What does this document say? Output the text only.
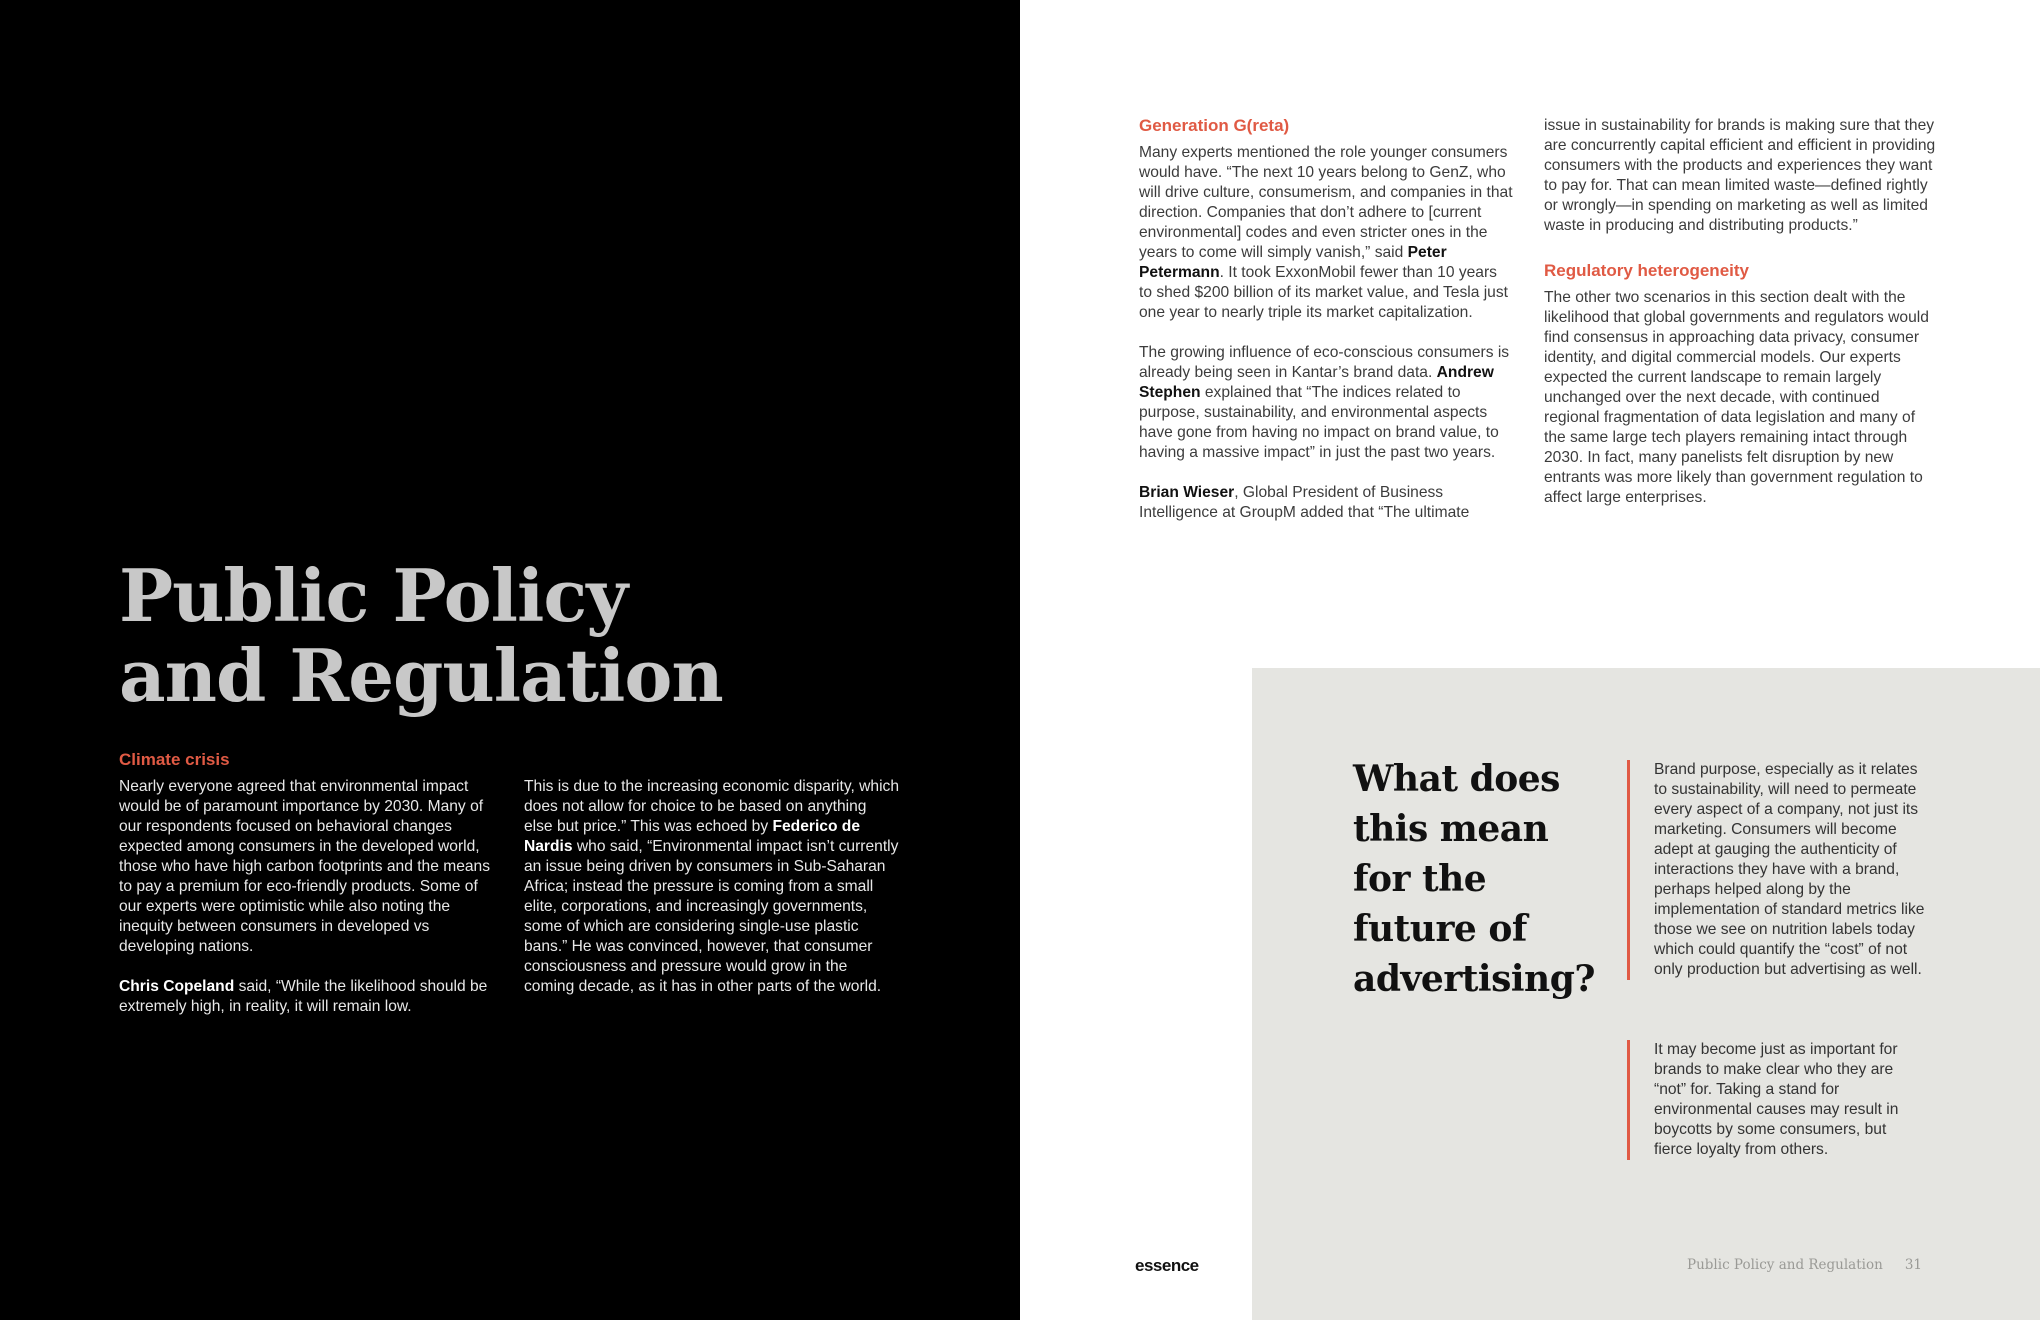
Public Policy
and Regulation
Climate crisis

Nearly everyone agreed that environmental impact would be of paramount importance by 2030. Many of our respondents focused on behavioral changes expected among consumers in the developed world, those who have high carbon footprints and the means to pay a premium for eco-friendly products. Some of our experts were optimistic while also noting the inequity between consumers in developed vs developing nations.

Chris Copeland said, “While the likelihood should be extremely high, in reality, it will remain low.

This is due to the increasing economic disparity, which does not allow for choice to be based on anything else but price.” This was echoed by Federico de Nardis who said, “Environmental impact isn’t currently an issue being driven by consumers in Sub-Saharan Africa; instead the pressure is coming from a small elite, corporations, and increasingly governments, some of which are considering single-use plastic bans.” He was convinced, however, that consumer consciousness and pressure would grow in the coming decade, as it has in other parts of the world.

Generation G(reta)

Many experts mentioned the role younger consumers would have. “The next 10 years belong to GenZ, who will drive culture, consumerism, and companies in that direction. Companies that don’t adhere to [current environmental] codes and even stricter ones in the years to come will simply vanish,” said Peter Petermann. It took ExxonMobil fewer than 10 years to shed $200 billion of its market value, and Tesla just one year to nearly triple its market capitalization.

The growing influence of eco-conscious consumers is already being seen in Kantar’s brand data. Andrew Stephen explained that “The indices related to purpose, sustainability, and environmental aspects have gone from having no impact on brand value, to having a massive impact” in just the past two years.

Brian Wieser, Global President of Business Intelligence at GroupM added that “The ultimate

issue in sustainability for brands is making sure that they are concurrently capital efficient and efficient in providing consumers with the products and experiences they want to pay for. That can mean limited waste—defined rightly or wrongly—in spending on marketing as well as limited waste in producing and distributing products.”

Regulatory heterogeneity

The other two scenarios in this section dealt with the likelihood that global governments and regulators would find consensus in approaching data privacy, consumer identity, and digital commercial models. Our experts expected the current landscape to remain largely unchanged over the next decade, with continued regional fragmentation of data legislation and many of the same large tech players remaining intact through 2030. In fact, many panelists felt disruption by new entrants was more likely than government regulation to affect large enterprises.

What does
this mean
for the
future of
advertising?
Brand purpose, especially as it relates to sustainability, will need to permeate every aspect of a company, not just its marketing. Consumers will become adept at gauging the authenticity of interactions they have with a brand, perhaps helped along by the implementation of standard metrics like those we see on nutrition labels today which could quantify the “cost” of not only production but advertising as well.
It may become just as important for brands to make clear who they are “not” for. Taking a stand for environmental causes may result in boycotts by some consumers, but fierce loyalty from others.
essence	Public Policy and Regulation 31
